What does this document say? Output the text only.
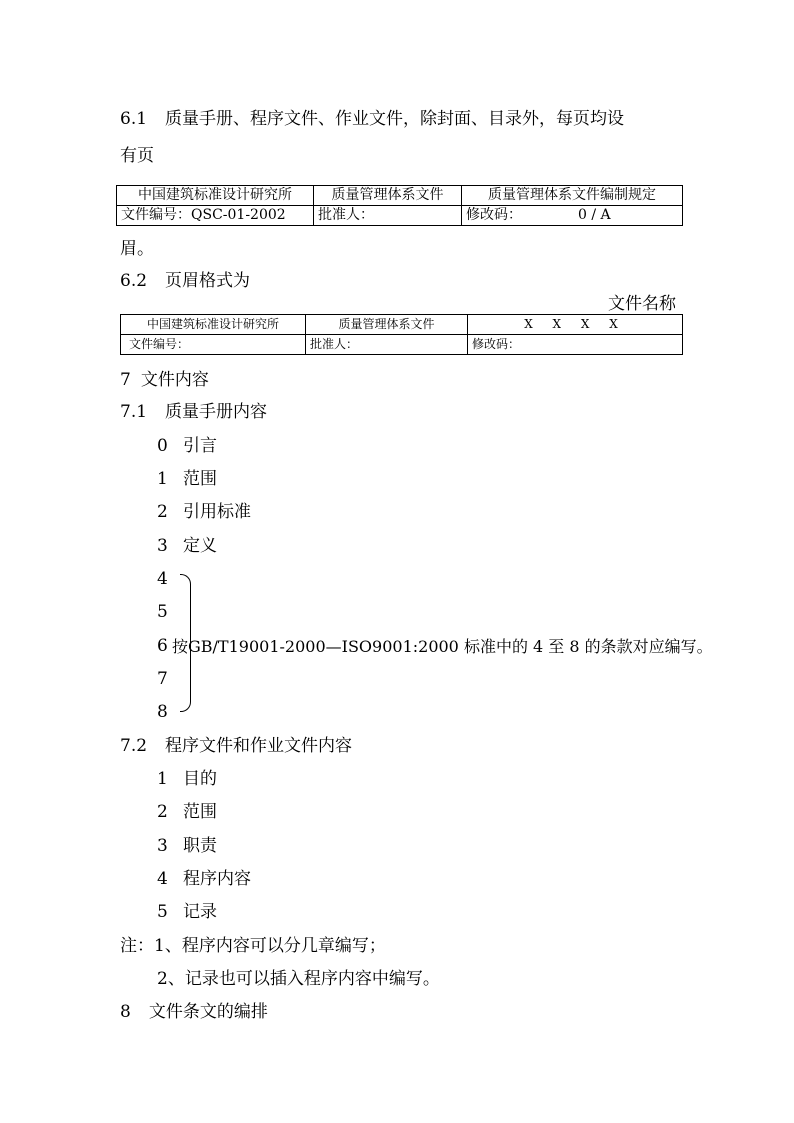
6.1 质量手册、程序文件、作业文件，除封面、目录外，每页均设
有页
中国建筑标准设计研究所	质量管理体系文件	质量管理体系文件编制规定
文件编号：QSC-01-2002	批准人：	修改码： 0 / A
眉。
6.2 页眉格式为
文件名称
中国建筑标准设计研究所	质量管理体系文件	X X X X
文件编号：	批准人：	修改码：
7 文件内容
7.1 质量手册内容
0 引言
1 范围
2 引用标准
3 定义
4
5
6
7
8
按GB/T19001-2000—ISO9001:2000 标准中的 4 至 8 的条款对应编写。
7.2 程序文件和作业文件内容
1 目的
2 范围
3 职责
4 程序内容
5 记录
注：1、程序内容可以分几章编写；
2、记录也可以插入程序内容中编写。
8 文件条文的编排
